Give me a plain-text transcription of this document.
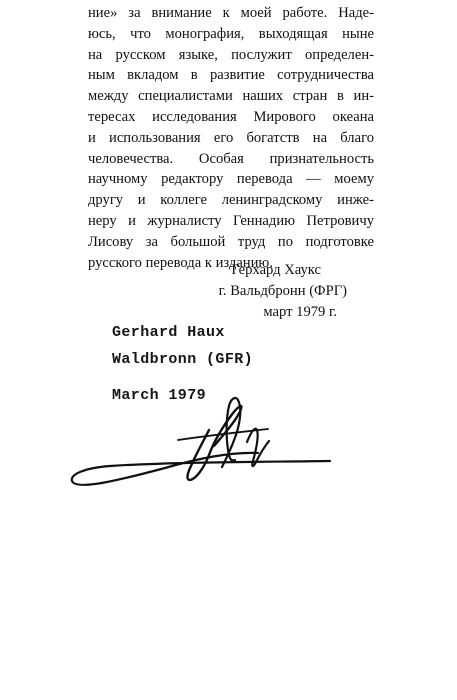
ние» за внимание к моей работе. Наде-
юсь, что монография, выходящая ныне
на русском языке, послужит определен-
ным вкладом в развитие сотрудничества
между специалистами наших стран в ин-
тересах исследования Мирового океана
и использования его богатств на благо
человечества. Особая признательность
научному редактору перевода — моему
другу и коллеге ленинградскому инже-
неру и журналисту Геннадию Петровичу
Лисову за большой труд по подготовке
русского перевода к изданию.
Герхард Хаукс
г. Вальдбронн (ФРГ)
март 1979 г.
Gerhard Haux
Waldbronn (GFR)
March 1979
